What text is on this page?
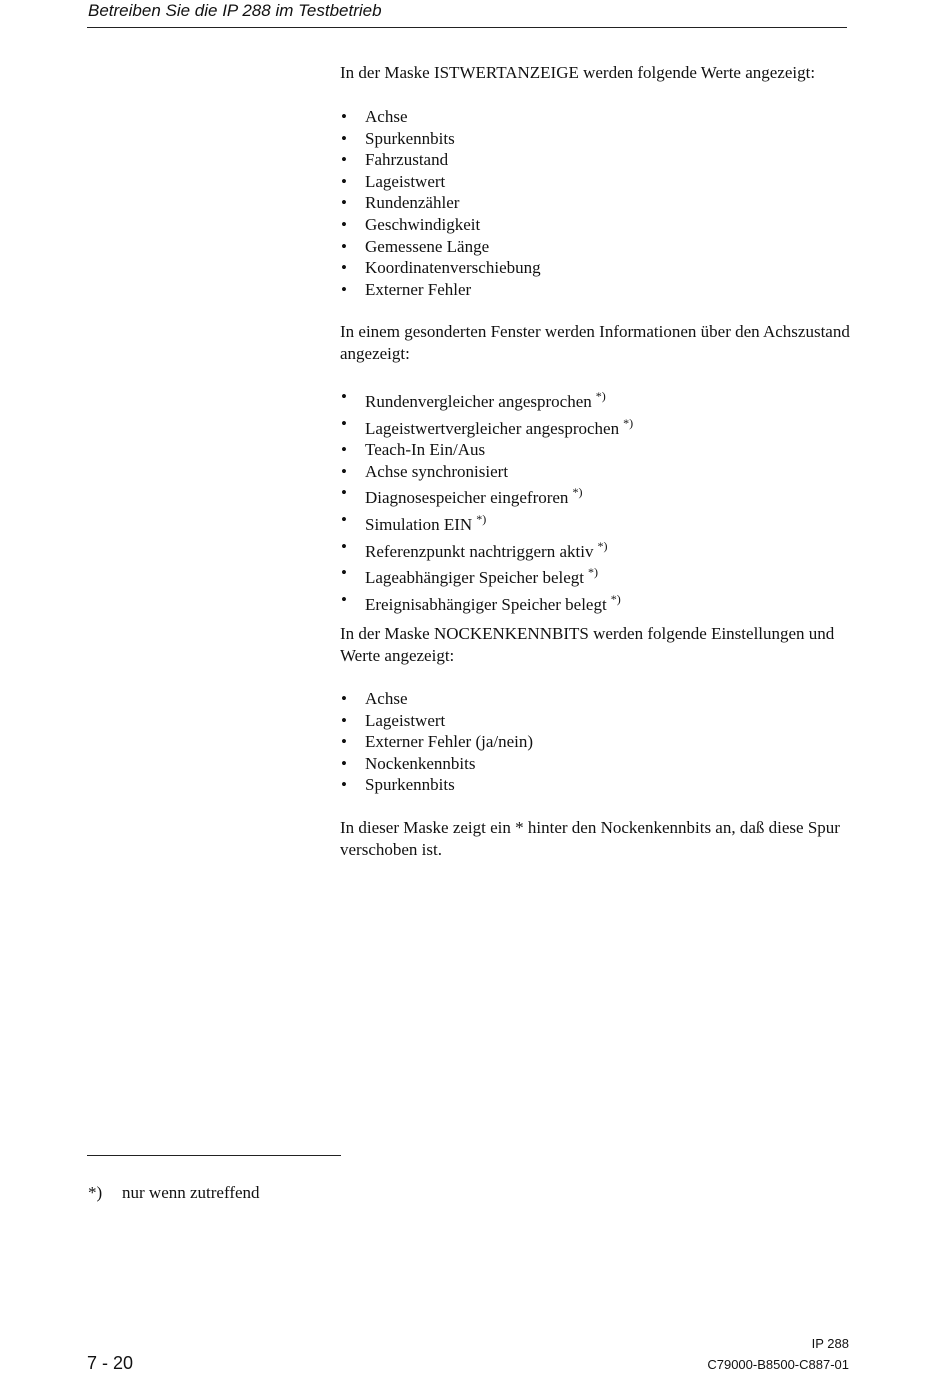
Betreiben Sie die IP 288 im Testbetrieb

In der Maske ISTWERTANZEIGE werden folgende Werte angezeigt:

• Achse
• Spurkennbits
• Fahrzustand
• Lageistwert
• Rundenzähler
• Geschwindigkeit
• Gemessene Länge
• Koordinatenverschiebung
• Externer Fehler

In einem gesonderten Fenster werden Informationen über den Achszustand angezeigt:

• Rundenvergleicher angesprochen *)
• Lageistwertvergleicher angesprochen *)
• Teach-In Ein/Aus
• Achse synchronisiert
• Diagnosespeicher eingefroren *)
• Simulation EIN *)
• Referenzpunkt nachtriggern aktiv *)
• Lageabhängiger Speicher belegt *)
• Ereignisabhängiger Speicher belegt *)

In der Maske NOCKENKENNBITS werden folgende Einstellungen und Werte angezeigt:

• Achse
• Lageistwert
• Externer Fehler (ja/nein)
• Nockenkennbits
• Spurkennbits

In dieser Maske zeigt ein * hinter den Nockenkennbits an, daß diese Spur verschoben ist.

*) nur wenn zutreffend
7 - 20
IP 288
C79000-B8500-C887-01
